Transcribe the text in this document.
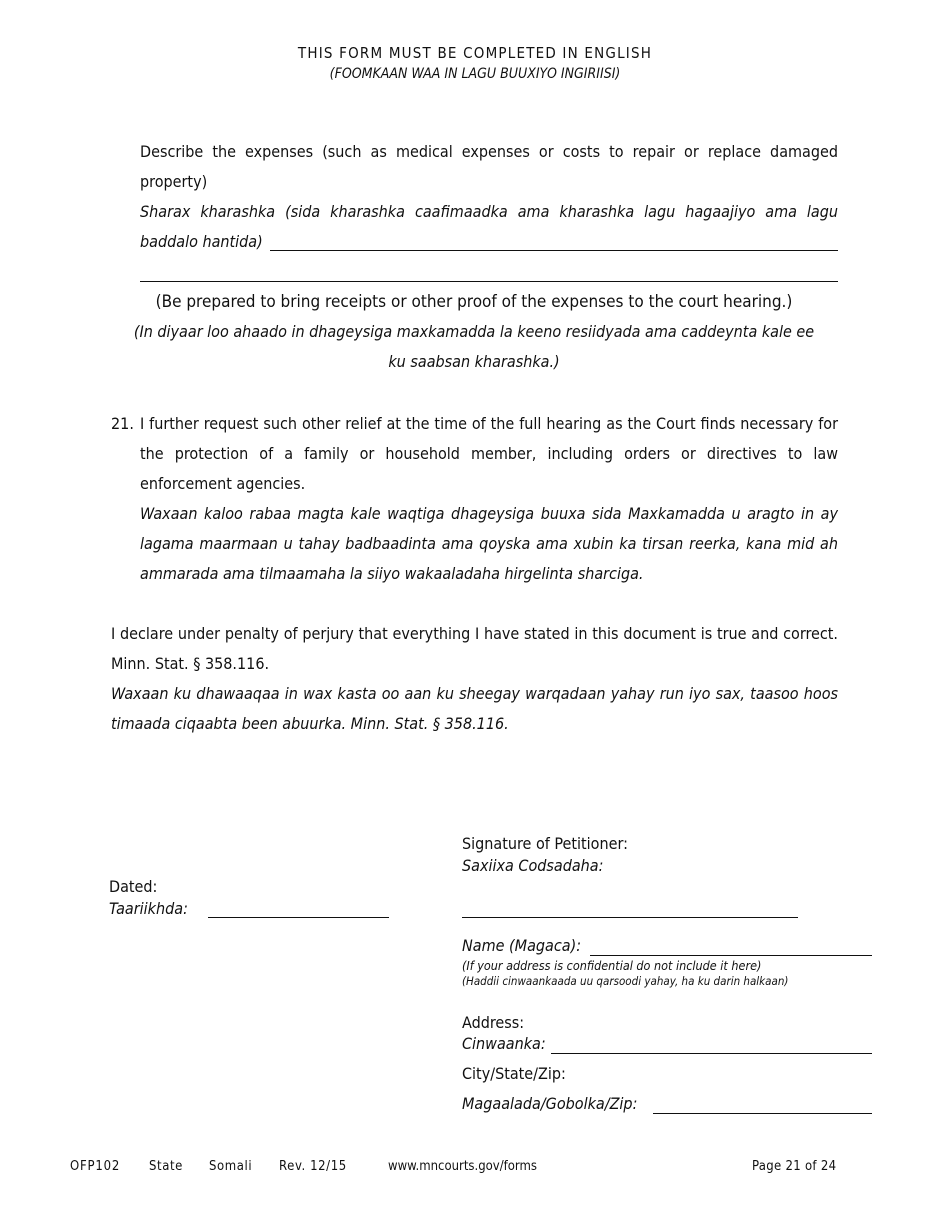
THIS FORM MUST BE COMPLETED IN ENGLISH
(FOOMKAAN WAA IN LAGU BUUXIYO INGIRIISI)
Describe the expenses (such as medical expenses or costs to repair or replace damaged
property)
Sharax kharashka (sida kharashka caafimaadka ama kharashka lagu hagaajiyo ama lagu
baddalo hantida)
(Be prepared to bring receipts or other proof of the expenses to the court hearing.)
(In diyaar loo ahaado in dhageysiga maxkamadda la keeno resiidyada ama caddeynta kale ee
ku saabsan kharashka.)
21. I further request such other relief at the time of the full hearing as the Court finds necessary for
the protection of a family or household member, including orders or directives to law
enforcement agencies.
Waxaan kaloo rabaa magta kale waqtiga dhageysiga buuxa sida Maxkamadda u aragto in ay
lagama maarmaan u tahay badbaadinta ama qoyska ama xubin ka tirsan reerka, kana mid ah
ammarada ama tilmaamaha la siiyo wakaaladaha hirgelinta sharciga.
I declare under penalty of perjury that everything I have stated in this document is true and correct.
Minn. Stat. § 358.116.
Waxaan ku dhawaaqaa in wax kasta oo aan ku sheegay warqadaan yahay run iyo sax, taasoo hoos
timaada ciqaabta been abuurka. Minn. Stat. § 358.116.
Dated:
Taariikhda:
Signature of Petitioner:
Saxiixa Codsadaha:
Name (Magaca):
(If your address is confidential do not include it here)
(Haddii cinwaankaada uu qarsoodi yahay, ha ku darin halkaan)
Address:
Cinwaanka:
City/State/Zip:
Magaalada/Gobolka/Zip:
OFP102 State Somali Rev. 12/15	www.mncourts.gov/forms	Page 21 of 24
